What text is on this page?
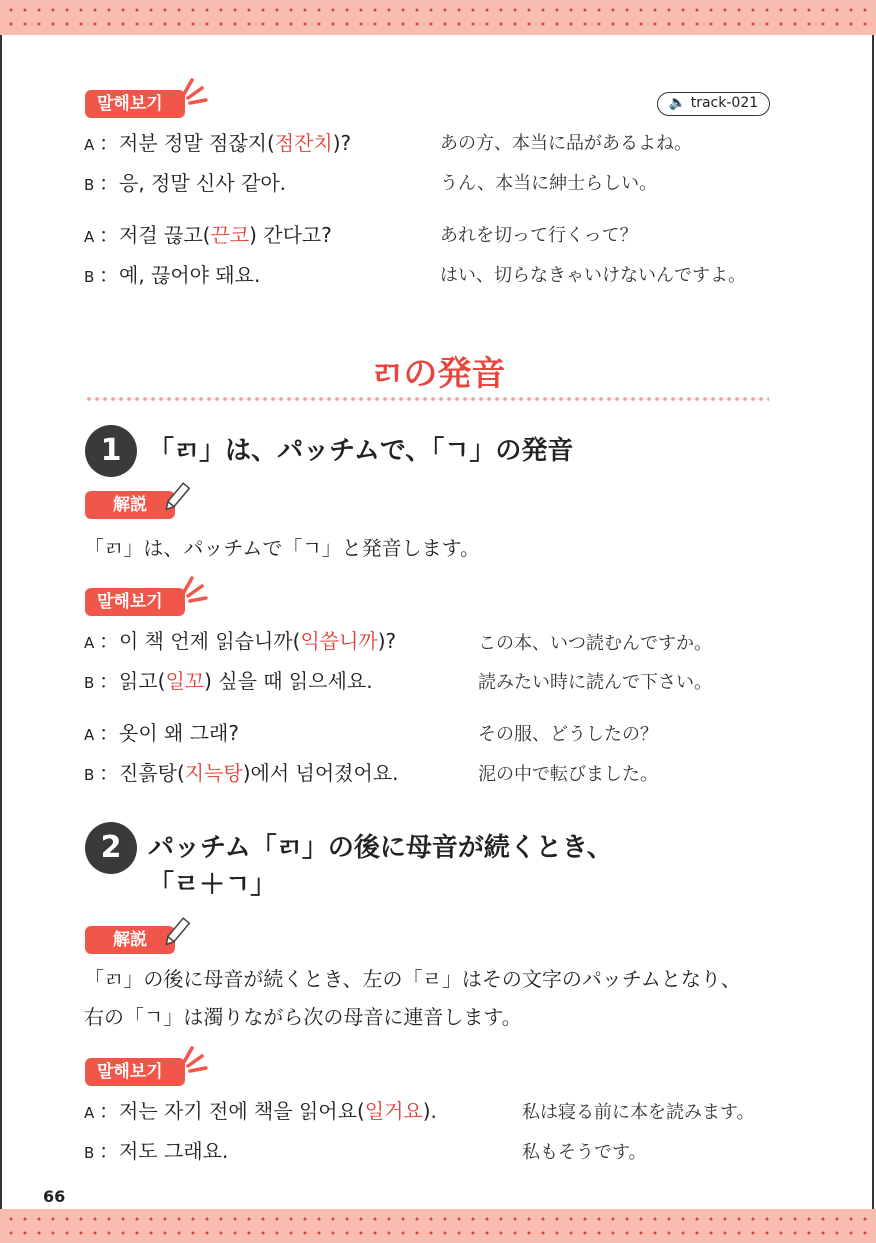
말해보기	🔈 track-021
A ：저분 정말 점잖지(점잔치)?	あの方、本当に品があるよね。
B ：응, 정말 신사 같아.	うん、本当に紳士らしい。
A ：저걸 끊고(끈코) 간다고?	あれを切って行くって？
B ：예, 끊어야 돼요.	はい、切らなきゃいけないんですよ。
ㄺの発音
1	「ㄺ」は、パッチムで、「ㄱ」の発音
解説
「ㄺ」は、パッチムで「ㄱ」と発音します。
말해보기
A ：이 책 언제 읽습니까(익씁니까)?	この本、いつ読むんですか。
B ：읽고(일꼬) 싶을 때 읽으세요.	読みたい時に読んで下さい。
A ：옷이 왜 그래?	その服、どうしたの？
B ：진흙탕(지늑탕)에서 넘어졌어요.	泥の中で転びました。
2	パッチム「ㄺ」の後に母音が続くとき、
「ㄹ＋ㄱ」
解説
「ㄺ」の後に母音が続くとき、左の「ㄹ」はその文字のパッチムとなり、
右の「ㄱ」は濁りながら次の母音に連音します。
말해보기
A ：저는 자기 전에 책을 읽어요(일거요).	私は寝る前に本を読みます。
B ：저도 그래요.	私もそうです。
66
